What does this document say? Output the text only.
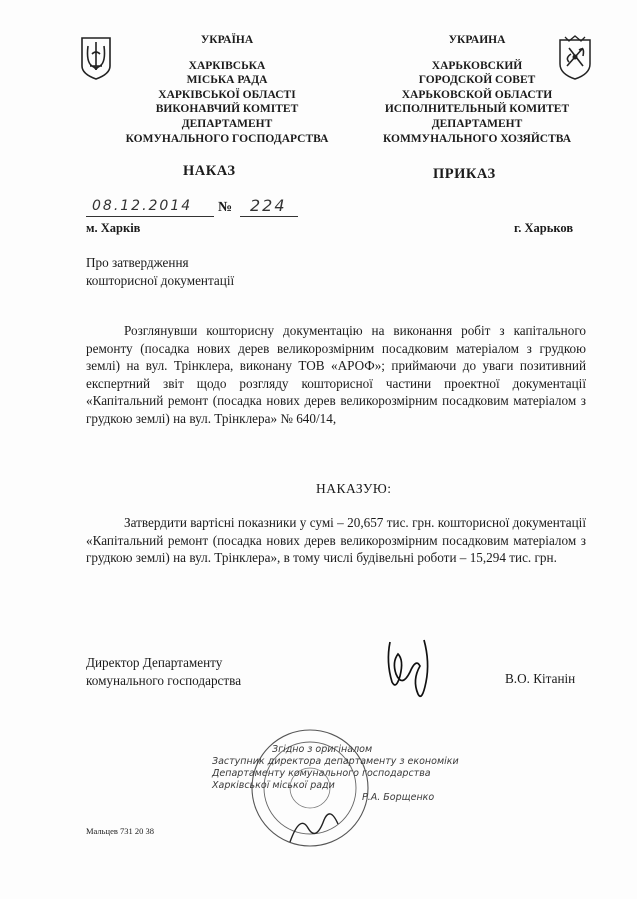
УКРАЇНА
ХАРКІВСЬКА
МІСЬКА РАДА
ХАРКІВСЬКОЇ ОБЛАСТІ
ВИКОНАВЧИЙ КОМІТЕТ
ДЕПАРТАМЕНТ
КОМУНАЛЬНОГО ГОСПОДАРСТВА
УКРАИНА
ХАРЬКОВСКИЙ
ГОРОДСКОЙ СОВЕТ
ХАРЬКОВСКОЙ ОБЛАСТИ
ИСПОЛНИТЕЛЬНЫЙ КОМИТЕТ
ДЕПАРТАМЕНТ
КОММУНАЛЬНОГО ХОЗЯЙСТВА
НАКАЗ	ПРИКАЗ
08.12.2014 № 224
м. Харків	г. Харьков
Про затвердження
кошторисної документації
Розглянувши кошторисну документацію на виконання робіт з капітального ремонту (посадка нових дерев великорозмірним посадковим матеріалом з грудкою землі) на вул. Трінклера, виконану ТОВ «АРОФ»; приймаючи до уваги позитивний експертний звіт щодо розгляду кошторисної частини проектної документації «Капітальний ремонт (посадка нових дерев великорозмірним посадковим матеріалом з грудкою землі) на вул. Трінклера» № 640/14,
НАКАЗУЮ:
Затвердити вартісні показники у сумі – 20,657 тис. грн. кошторисної документації «Капітальний ремонт (посадка нових дерев великорозмірним посадковим матеріалом з грудкою землі) на вул. Трінклера», в тому числі будівельні роботи – 15,294 тис. грн.
Директор Департаменту
комунального господарства	В.О. Кітанін
Згідно з оригіналом
Заступник директора департаменту з економіки
Департаменту комунального господарства
Харківської міської ради
Р.А. Борщенко
Мальцев 731 20 38
